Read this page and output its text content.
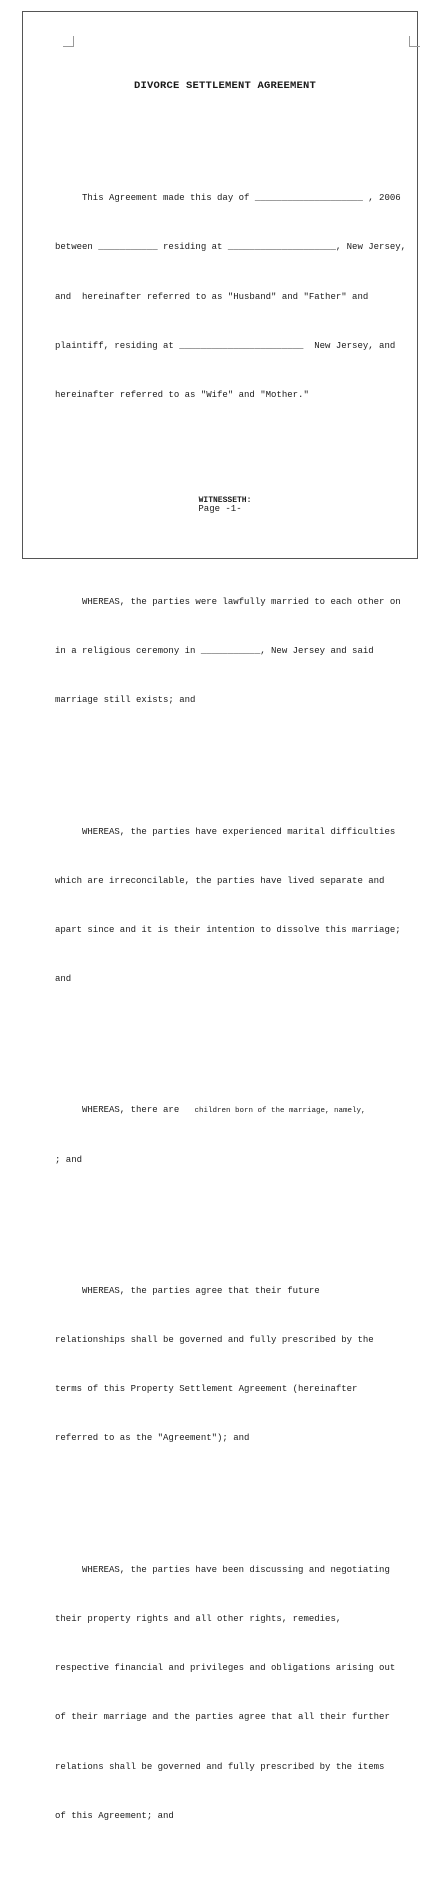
DIVORCE SETTLEMENT AGREEMENT

This Agreement made this day of ____________________ , 2006

between ___________ residing at ____________________, New Jersey,

and  hereinafter referred to as "Husband" and "Father" and

plaintiff, residing at _______________________  New Jersey, and

hereinafter referred to as "Wife" and "Mother."

WITNESSETH:

WHEREAS, the parties were lawfully married to each other on

in a religious ceremony in ___________, New Jersey and said

marriage still exists; and

WHEREAS, the parties have experienced marital difficulties

which are irreconcilable, the parties have lived separate and

apart since and it is their intention to dissolve this marriage;

and

WHEREAS, there are   children born of the marriage, namely,

; and

WHEREAS, the parties agree that their future

relationships shall be governed and fully prescribed by the

terms of this Property Settlement Agreement (hereinafter

referred to as the "Agreement"); and

WHEREAS, the parties have been discussing and negotiating

their property rights and all other rights, remedies,

respective financial and privileges and obligations arising out

of their marriage and the parties agree that all their further

relations shall be governed and fully prescribed by the items

of this Agreement; and

Page -1-
